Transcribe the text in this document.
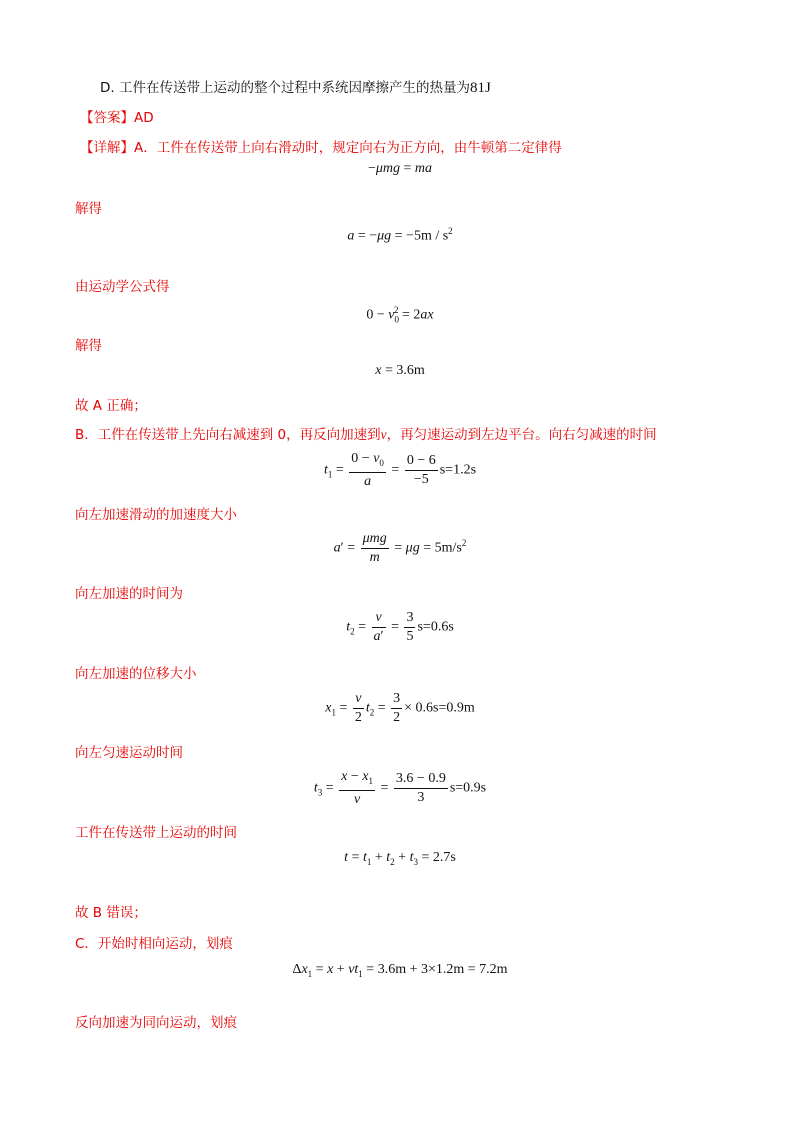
D. 工件在传送带上运动的整个过程中系统因摩擦产生的热量为81J
【答案】AD
【详解】A．工件在传送带上向右滑动时，规定向右为正方向，由牛顿第二定律得
−μmg = ma
解得
$a = -\mu g = -5m / s^2$
由运动学公式得
$0 - v_0^2 = 2ax$
解得
x = 3.6m
故 A 正确；
B．工件在传送带上先向右减速到 0，再反向加速到v，再匀速运动到左边平台。向右匀减速的时间
$t_1 = \frac{0 - v_0}{a} = \frac{0 - 6}{-5} s=1.2s$
向左加速滑动的加速度大小
$a' = \frac{\text{μmg}}{m} = \mu g = 5m/s^2$
向左加速的时间为
$t_2 = \frac{v}{a'} = \frac{3}{5} s=0.6s$
向左加速的位移大小
$x_1 = \frac{v}{2} t_2 = \frac{3}{2} \times 0.6s=0.9m$
向左匀速运动时间
$t_3 = \frac{x - x_1}{v} = \frac{3.6 - 0.9}{3} s=0.9s$
工件在传送带上运动的时间
$t = t_1 + t_2 + t_3 = 2.7s$
故 B 错误；
C．开始时相向运动，划痕
$\Delta x_1 = x + vt_1 = 3.6m + 3\times 1.2m = 7.2m$
反向加速为同向运动，划痕
